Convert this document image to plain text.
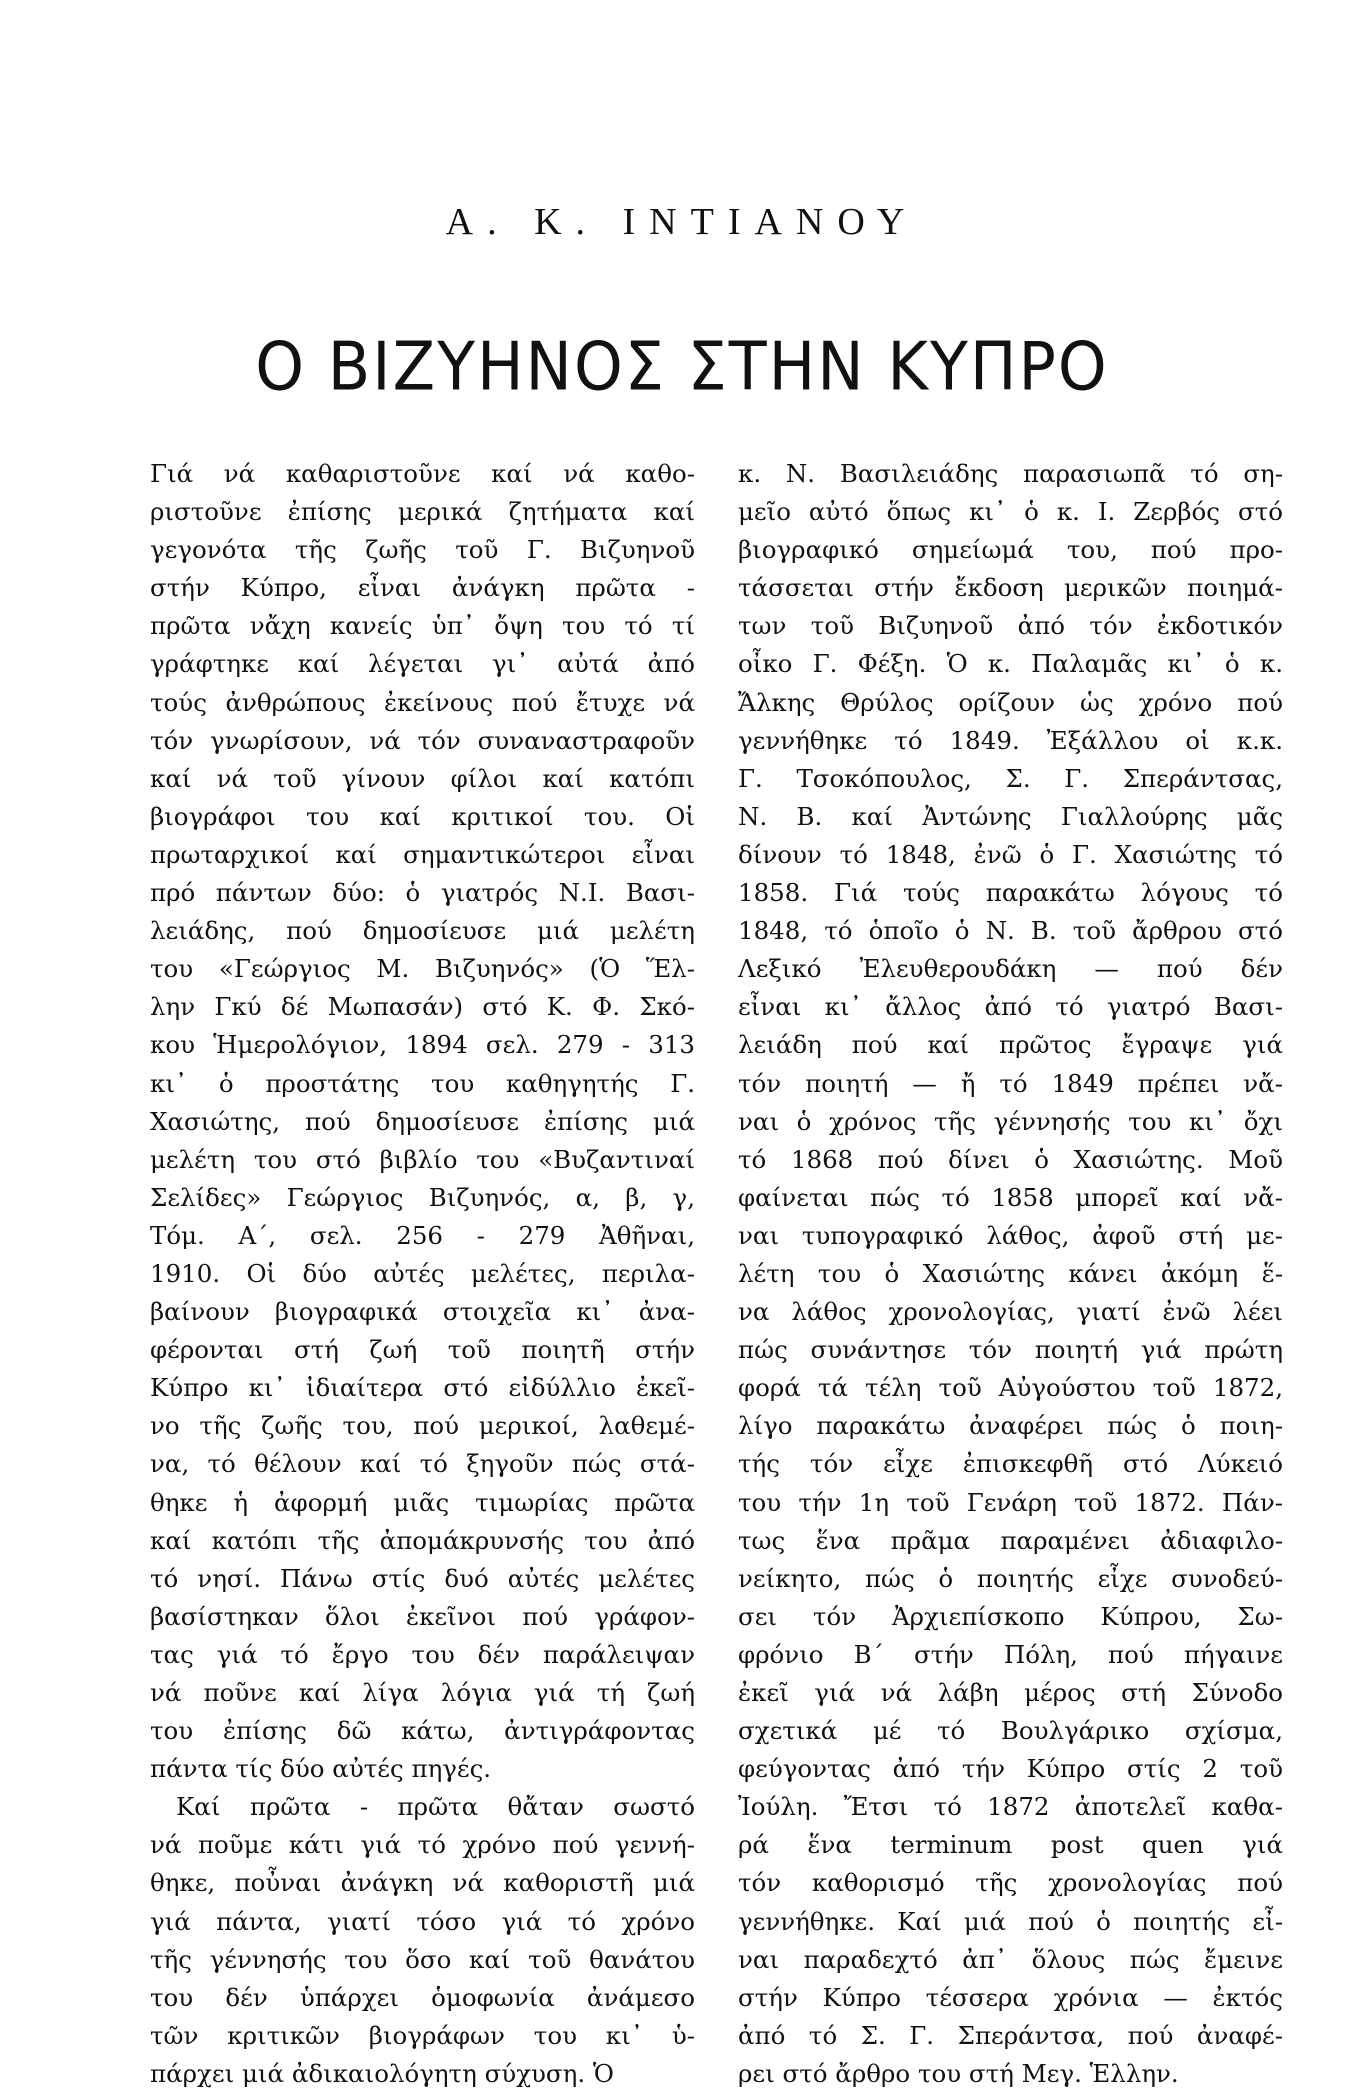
Α. Κ. ΙΝΤΙΑΝΟΥ
Ο ΒΙΖΥΗΝΟΣ ΣΤΗΝ ΚΥΠΡΟ
Γιά νά καθαριστοῦνε καί νά καθο-
ριστοῦνε ἐπίσης μερικά ζητήματα καί
γεγονότα τῆς ζωῆς τοῦ Γ. Βιζυηνοῦ
στήν Κύπρο, εἶναι ἀνάγκη πρῶτα -
πρῶτα νἄχη κανείς ὑπ᾿ ὄψη του τό τί
γράφτηκε καί λέγεται γι᾿ αὐτά ἀπό
τούς ἀνθρώπους ἐκείνους πού ἔτυχε νά
τόν γνωρίσουν, νά τόν συναναστραφοῦν
καί νά τοῦ γίνουν φίλοι καί κατόπι
βιογράφοι του καί κριτικοί του. Οἱ
πρωταρχικοί καί σημαντικώτεροι εἶναι
πρό πάντων δύο: ὁ γιατρός Ν.Ι. Βασι-
λειάδης, πού δημοσίευσε μιά μελέτη
του «Γεώργιος Μ. Βιζυηνός» (Ὁ Ἕλ-
λην Γκύ δέ Μωπασάν) στό Κ. Φ. Σκό-
κου Ἡμερολόγιον, 1894 σελ. 279 - 313
κι᾿ ὁ προστάτης του καθηγητής Γ.
Χασιώτης, πού δημοσίευσε ἐπίσης μιά
μελέτη του στό βιβλίο του «Βυζαντιναί
Σελίδες» Γεώργιος Βιζυηνός, α, β, γ,
Τόμ. Α΄, σελ. 256 - 279 Ἀθῆναι,
1910. Οἱ δύο αὐτές μελέτες, περιλα-
βαίνουν βιογραφικά στοιχεῖα κι᾿ ἀνα-
φέρονται στή ζωή τοῦ ποιητῆ στήν
Κύπρο κι᾿ ἰδιαίτερα στό εἰδύλλιο ἐκεῖ-
νο τῆς ζωῆς του, πού μερικοί, λαθεμέ-
να, τό θέλουν καί τό ξηγοῦν πώς στά-
θηκε ἡ ἀφορμή μιᾶς τιμωρίας πρῶτα
καί κατόπι τῆς ἀπομάκρυνσής του ἀπό
τό νησί. Πάνω στίς δυό αὐτές μελέτες
βασίστηκαν ὅλοι ἐκεῖνοι πού γράφον-
τας γιά τό ἔργο του δέν παράλειψαν
νά ποῦνε καί λίγα λόγια γιά τή ζωή
του ἐπίσης δῶ κάτω, ἀντιγράφοντας
πάντα τίς δύο αὐτές πηγές.
Καί πρῶτα - πρῶτα θἄταν σωστό
νά ποῦμε κάτι γιά τό χρόνο πού γεννή-
θηκε, ποὖναι ἀνάγκη νά καθοριστῆ μιά
γιά πάντα, γιατί τόσο γιά τό χρόνο
τῆς γέννησής του ὅσο καί τοῦ θανάτου
του δέν ὑπάρχει ὁμοφωνία ἀνάμεσο
τῶν κριτικῶν βιογράφων του κι᾿ ὑ-
πάρχει μιά ἀδικαιολόγητη σύχυση. Ὁ
κ. Ν. Βασιλειάδης παρασιωπᾶ τό ση-
μεῖο αὐτό ὅπως κι᾿ ὁ κ. Ι. Ζερβός στό
βιογραφικό σημείωμά του, πού προ-
τάσσεται στήν ἔκδοση μερικῶν ποιημά-
των τοῦ Βιζυηνοῦ ἀπό τόν ἐκδοτικόν
οἶκο Γ. Φέξη. Ὁ κ. Παλαμᾶς κι᾿ ὁ κ.
Ἄλκης Θρύλος ορίζουν ὡς χρόνο πού
γεννήθηκε τό 1849. Ἐξάλλου οἱ κ.κ.
Γ. Τσοκόπουλος, Σ. Γ. Σπεράντσας,
Ν. Β. καί Ἀντώνης Γιαλλούρης μᾶς
δίνουν τό 1848, ἐνῶ ὁ Γ. Χασιώτης τό
1858. Γιά τούς παρακάτω λόγους τό
1848, τό ὁποῖο ὁ Ν. Β. τοῦ ἄρθρου στό
Λεξικό Ἐλευθερουδάκη — πού δέν
εἶναι κι᾿ ἄλλος ἀπό τό γιατρό Βασι-
λειάδη πού καί πρῶτος ἔγραψε γιά
τόν ποιητή — ἤ τό 1849 πρέπει νἄ-
ναι ὁ χρόνος τῆς γέννησής του κι᾿ ὄχι
τό 1868 πού δίνει ὁ Χασιώτης. Μοῦ
φαίνεται πώς τό 1858 μπορεῖ καί νἄ-
ναι τυπογραφικό λάθος, ἀφοῦ στή με-
λέτη του ὁ Χασιώτης κάνει ἀκόμη ἕ-
να λάθος χρονολογίας, γιατί ἐνῶ λέει
πώς συνάντησε τόν ποιητή γιά πρώτη
φορά τά τέλη τοῦ Αὐγούστου τοῦ 1872,
λίγο παρακάτω ἀναφέρει πώς ὁ ποιη-
τής τόν εἶχε ἐπισκεφθῆ στό Λύκειό
του τήν 1η τοῦ Γενάρη τοῦ 1872. Πάν-
τως ἕνα πρᾶμα παραμένει ἀδιαφιλο-
νείκητο, πώς ὁ ποιητής εἶχε συνοδεύ-
σει τόν Ἀρχιεπίσκοπο Κύπρου, Σω-
φρόνιο Β΄ στήν Πόλη, πού πήγαινε
ἐκεῖ γιά νά λάβη μέρος στή Σύνοδο
σχετικά μέ τό Βουλγάρικο σχίσμα,
φεύγοντας ἀπό τήν Κύπρο στίς 2 τοῦ
Ἰούλη. Ἔτσι τό 1872 ἀποτελεῖ καθα-
ρά ἕνα terminum post quen γιά
τόν καθορισμό τῆς χρονολογίας πού
γεννήθηκε. Καί μιά πού ὁ ποιητής εἶ-
ναι παραδεχτό ἀπ᾿ ὅλους πώς ἔμεινε
στήν Κύπρο τέσσερα χρόνια — ἐκτός
ἀπό τό Σ. Γ. Σπεράντσα, πού ἀναφέ-
ρει στό ἄρθρο του στή Μεγ. Ἑλλην.
